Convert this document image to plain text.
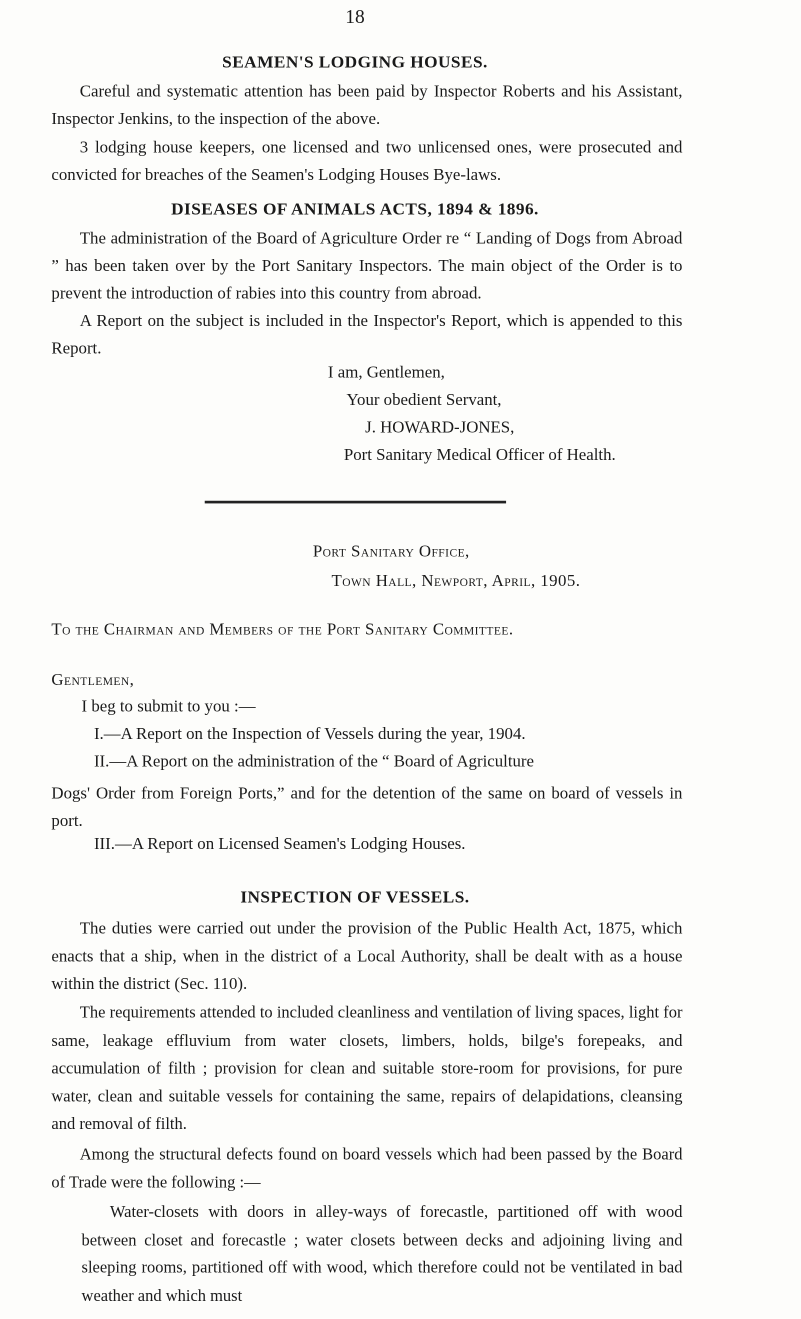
18
SEAMEN'S LODGING HOUSES.

Careful and systematic attention has been paid by Inspector Roberts and his Assistant, Inspector Jenkins, to the inspection of the above.

3 lodging house keepers, one licensed and two unlicensed ones, were prosecuted and convicted for breaches of the Seamen's Lodging Houses Bye-laws.

DISEASES OF ANIMALS ACTS, 1894 & 1896.

The administration of the Board of Agriculture Order re “ Landing of Dogs from Abroad ” has been taken over by the Port Sanitary Inspectors. The main object of the Order is to prevent the introduction of rabies into this country from abroad.

A Report on the subject is included in the Inspector's Report, which is appended to this Report.

I am, Gentlemen,
Your obedient Servant,
J. HOWARD-JONES,
Port Sanitary Medical Officer of Health.
Port Sanitary Office,
Town Hall, Newport, April, 1905.
To the Chairman and Members of the Port Sanitary Committee.
Gentlemen,
I beg to submit to you :—
I.—A Report on the Inspection of Vessels during the year, 1904.
II.—A Report on the administration of the “ Board of Agriculture

Dogs' Order from Foreign Ports,” and for the detention of the same on board of vessels in port.

III.—A Report on Licensed Seamen's Lodging Houses.
INSPECTION OF VESSELS.

The duties were carried out under the provision of the Public Health Act, 1875, which enacts that a ship, when in the district of a Local Authority, shall be dealt with as a house within the district (Sec. 110).

The requirements attended to included cleanliness and ventilation of living spaces, light for same, leakage effluvium from water closets, limbers, holds, bilge's forepeaks, and accumulation of filth ; provision for clean and suitable store-room for provisions, for pure water, clean and suitable vessels for containing the same, repairs of delapidations, cleansing and removal of filth.

Among the structural defects found on board vessels which had been passed by the Board of Trade were the following :—

Water-closets with doors in alley-ways of forecastle, partitioned off with wood between closet and forecastle ; water closets between decks and adjoining living and sleeping rooms, partitioned off with wood, which therefore could not be ventilated in bad weather and which must
